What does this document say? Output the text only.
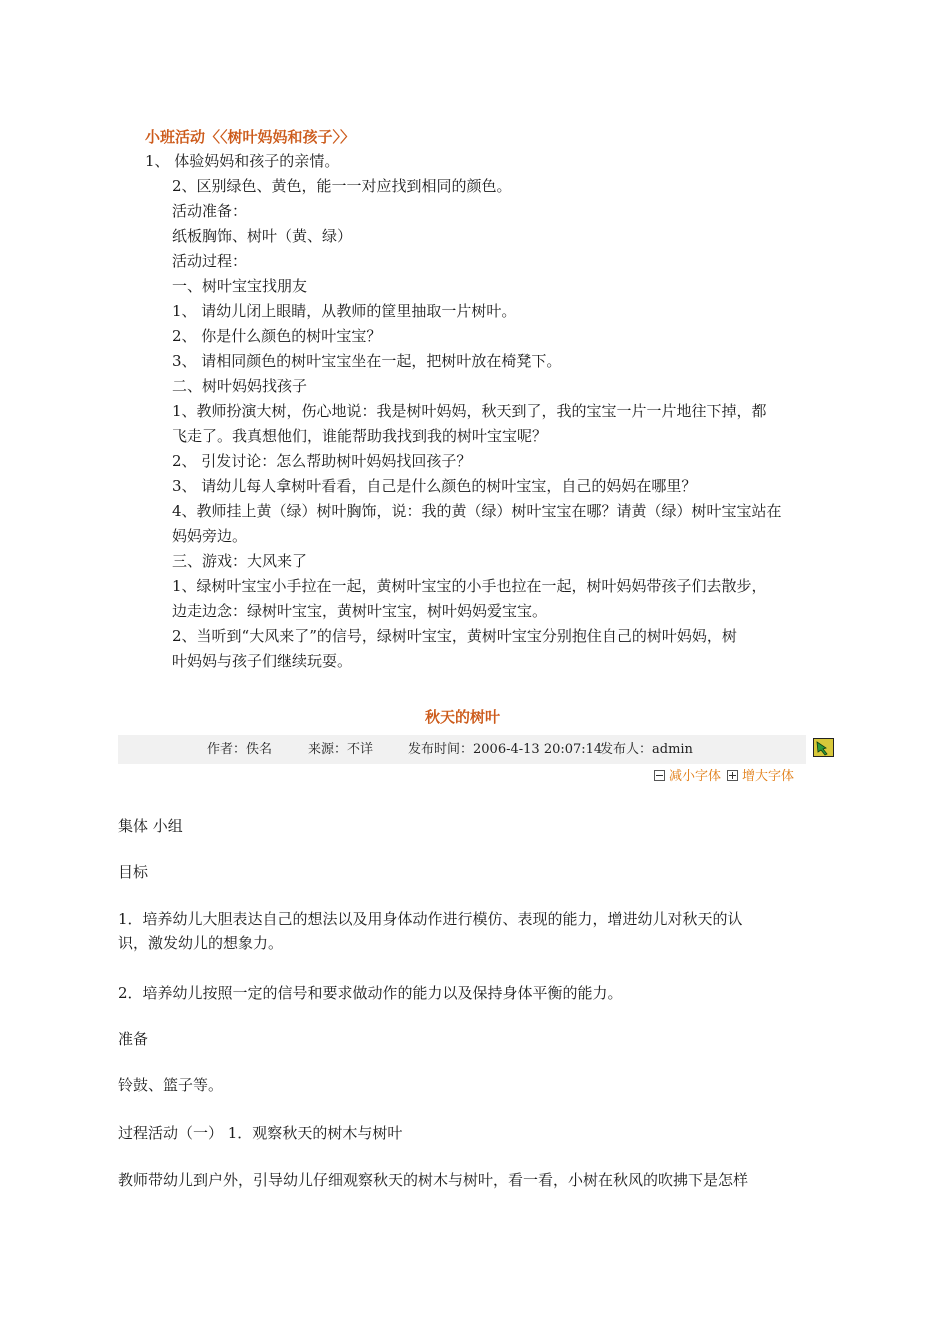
小班活动〈〈树叶妈妈和孩子〉〉

1、 体验妈妈和孩子的亲情。

2、区别绿色、黄色，能一一对应找到相同的颜色。

活动准备：

纸板胸饰、树叶（黄、绿）

活动过程：

一、树叶宝宝找朋友

1、 请幼儿闭上眼睛，从教师的筐里抽取一片树叶。

2、 你是什么颜色的树叶宝宝？

3、 请相同颜色的树叶宝宝坐在一起，把树叶放在椅凳下。

二、树叶妈妈找孩子

1、教师扮演大树，伤心地说：我是树叶妈妈，秋天到了，我的宝宝一片一片地往下掉，都

飞走了。我真想他们，谁能帮助我找到我的树叶宝宝呢？

2、 引发讨论：怎么帮助树叶妈妈找回孩子？

3、 请幼儿每人拿树叶看看，自己是什么颜色的树叶宝宝，自己的妈妈在哪里？

4、教师挂上黄（绿）树叶胸饰，说：我的黄（绿）树叶宝宝在哪？请黄（绿）树叶宝宝站在

妈妈旁边。

三、游戏：大风来了

1、绿树叶宝宝小手拉在一起，黄树叶宝宝的小手也拉在一起，树叶妈妈带孩子们去散步，

边走边念：绿树叶宝宝，黄树叶宝宝，树叶妈妈爱宝宝。

2、当听到“大风来了”的信号，绿树叶宝宝，黄树叶宝宝分别抱住自己的树叶妈妈，树

叶妈妈与孩子们继续玩耍。

秋天的树叶
作者：佚名	来源：不详	发布时间：2006-4-13 20:07:14
发布人：admin
减小字体 增大字体

集体 小组

目标

1．培养幼儿大胆表达自己的想法以及用身体动作进行模仿、表现的能力，增进幼儿对秋天的认

识，激发幼儿的想象力。

2．培养幼儿按照一定的信号和要求做动作的能力以及保持身体平衡的能力。

准备

铃鼓、篮子等。

过程活动（一） 1．观察秋天的树木与树叶

教师带幼儿到户外，引导幼儿仔细观察秋天的树木与树叶，看一看，小树在秋风的吹拂下是怎样
